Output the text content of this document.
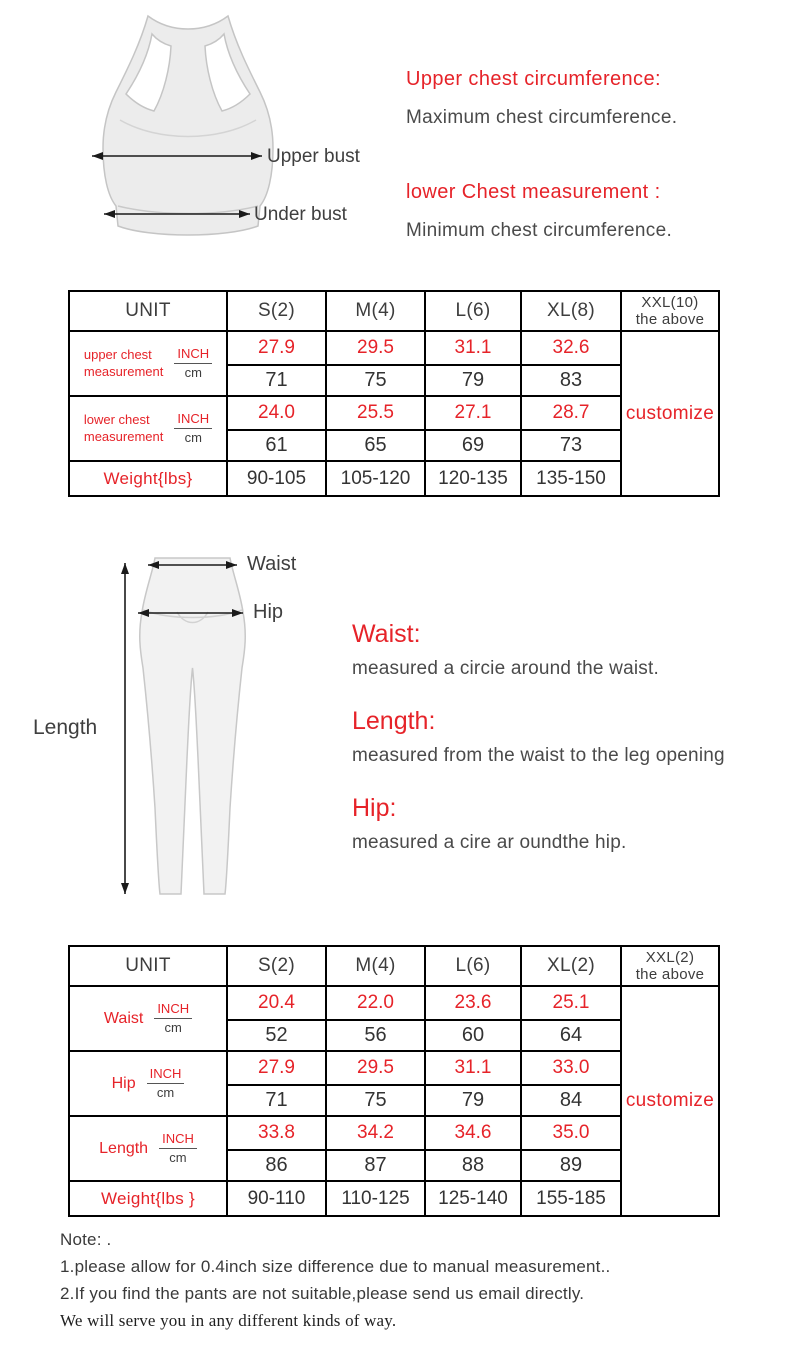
Upper bust
Under bust
Upper chest circumference:
Maximum chest circumference.
lower Chest measurement :
Minimum chest circumference.
UNIT	S(2)	M(4)	L(6)	XL(8)	XXL(10)
the above

upper chest
measurement $\frac{\text{INCH}}{cm}$	27.9	29.5	31.1	32.6	customize
	71	75	79	83	

lower chest
measurement $\frac{\text{INCH}}{cm}$	24.0	25.5	27.1	28.7	
	61	65	69	73	
Weight{lbs}	90-105	105-120	120-135	135-150	
Waist
Hip
Length
Waist:
measured a circie around the waist.
Length:
measured from the waist to the leg opening
Hip:
measured a cire ar oundthe hip.
UNIT	S(2)	M(4)	L(6)	XL(2)	XXL(2)
the above

Waist $\frac{\text{INCH}}{cm}$	20.4	22.0	23.6	25.1	customize
	52	56	60	64	

Hip $\frac{\text{INCH}}{cm}$	27.9	29.5	31.1	33.0	
	71	75	79	84	

Length $\frac{\text{INCH}}{cm}$	33.8	34.2	34.6	35.0	
	86	87	88	89	
Weight{lbs }	90-110	110-125	125-140	155-185	
Note: .
1.please allow for 0.4inch size difference due to manual measurement..
2.If you find the pants are not suitable,please send us email directly.
We will serve you in any different kinds of way.
